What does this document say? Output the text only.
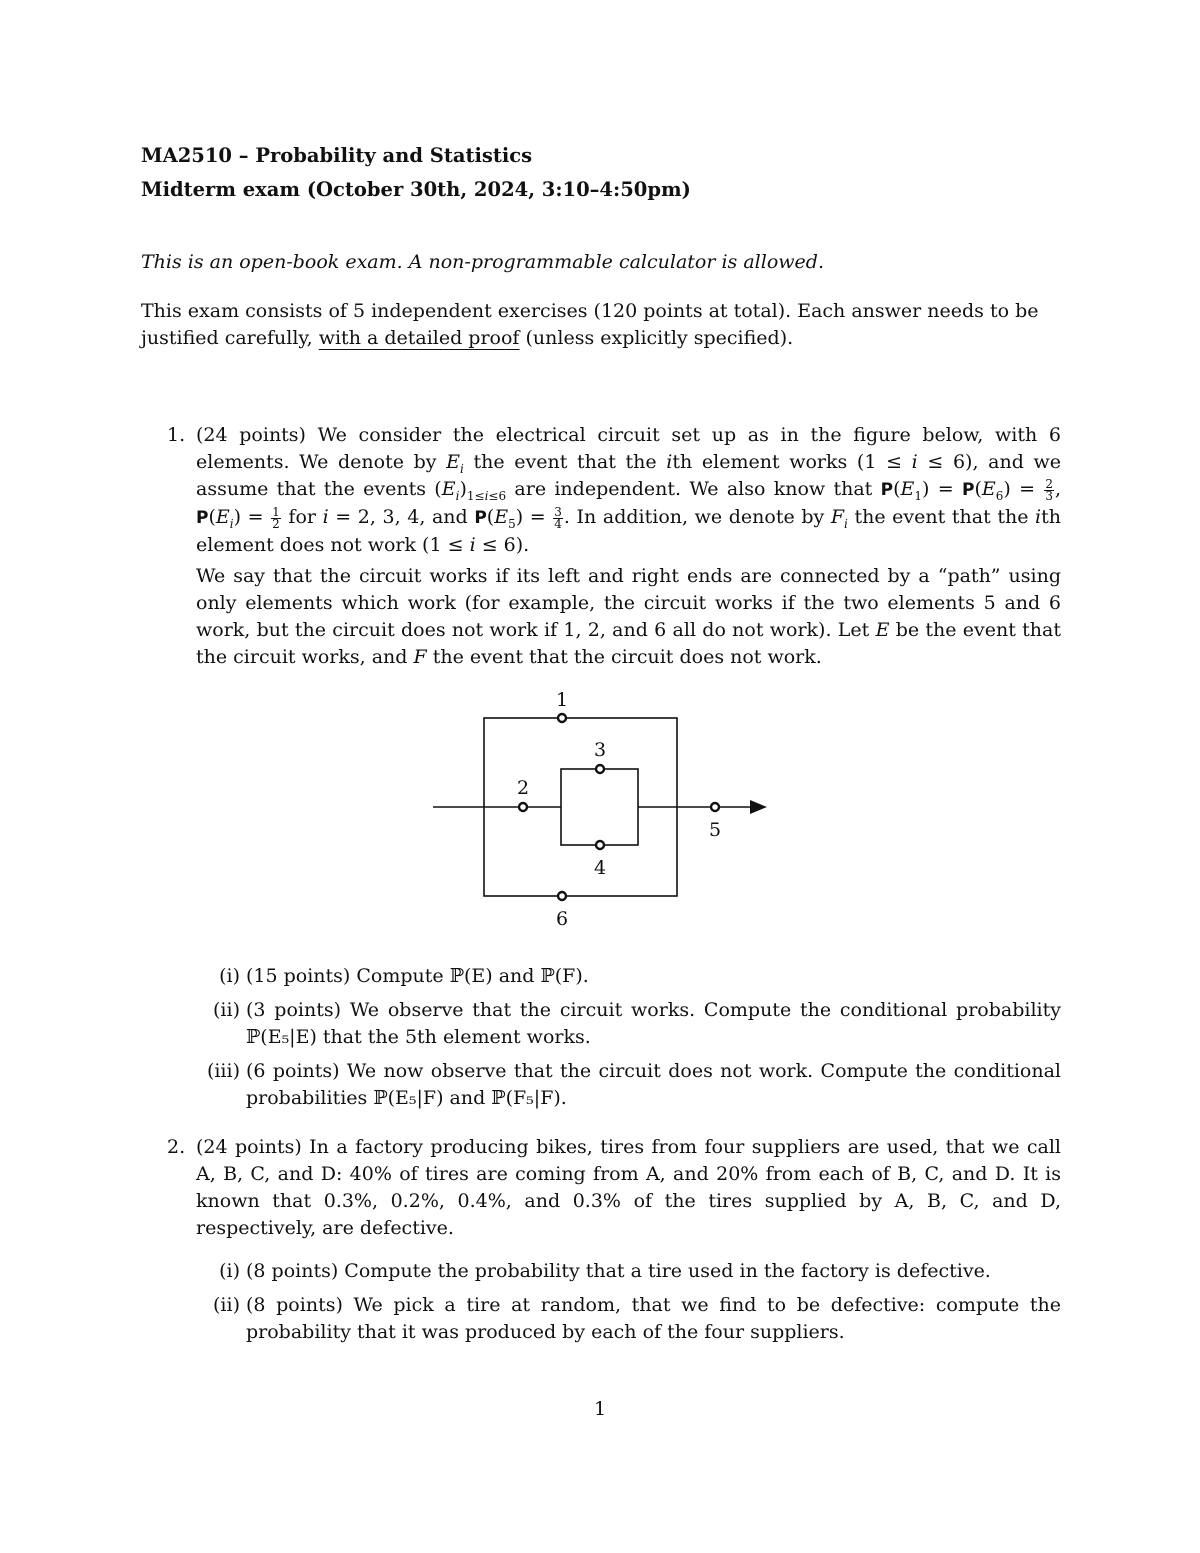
MA2510 – Probability and Statistics
Midterm exam (October 30th, 2024, 3:10–4:50pm)
This is an open-book exam. A non-programmable calculator is allowed.
This exam consists of 5 independent exercises (120 points at total). Each answer needs to be justified carefully, with a detailed proof (unless explicitly specified).
1. (24 points) We consider the electrical circuit set up as in the figure below, with 6 elements. We denote by $E_i$ the event that the ith element works (1 ≤ i ≤ 6), and we assume that the events $(E_i)_{1\le i\le 6}$ are independent. We also know that $P(E_1) = P(E_6) = \frac{2}{3}$ , $P(E_i) = \frac{1}{2}$ for i = 2, 3, 4, and $P(E_5) = \frac{3}{4}$ . In addition, we denote by $F_i$ the event that the ith element does not work (1 ≤ i ≤ 6).
We say that the circuit works if its left and right ends are connected by a “path” using only elements which work (for example, the circuit works if the two elements 5 and 6 work, but the circuit does not work if 1, 2, and 6 all do not work). Let E be the event that the circuit works, and F the event that the circuit does not work.
1
2
3
4
5
6
(i) (15 points) Compute ℙ(E) and ℙ(F).
(ii) (3 points) We observe that the circuit works. Compute the conditional probability ℙ(E₅|E) that the 5th element works.
(iii) (6 points) We now observe that the circuit does not work. Compute the conditional probabilities ℙ(E₅|F) and ℙ(F₅|F).
2. (24 points) In a factory producing bikes, tires from four suppliers are used, that we call A, B, C, and D: 40% of tires are coming from A, and 20% from each of B, C, and D. It is known that 0.3%, 0.2%, 0.4%, and 0.3% of the tires supplied by A, B, C, and D, respectively, are defective.
(i) (8 points) Compute the probability that a tire used in the factory is defective.
(ii) (8 points) We pick a tire at random, that we find to be defective: compute the probability that it was produced by each of the four suppliers.
1
